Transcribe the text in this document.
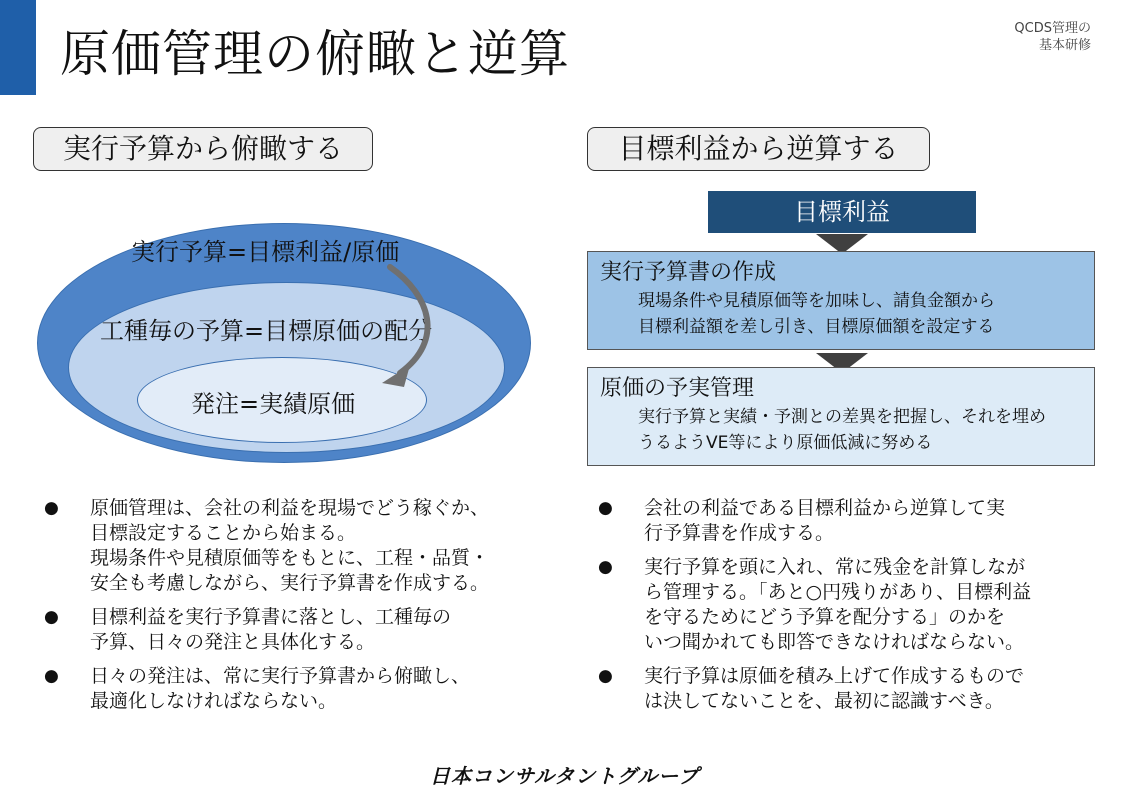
原価管理の俯瞰と逆算	QCDS管理の
基本研修
実行予算から俯瞰する
実行予算=目標利益/原価
工種毎の予算=目標原価の配分
発注=実績原価
● 原価管理は、会社の利益を現場でどう稼ぐか、
目標設定することから始まる。
現場条件や見積原価等をもとに、工程・品質・
安全も考慮しながら、実行予算書を作成する。
● 目標利益を実行予算書に落とし、工種毎の
予算、日々の発注と具体化する。
● 日々の発注は、常に実行予算書から俯瞰し、
最適化しなければならない。
目標利益から逆算する
目標利益
実行予算書の作成
現場条件や見積原価等を加味し、請負金額から
目標利益額を差し引き、目標原価額を設定する
原価の予実管理
実行予算と実績・予測との差異を把握し、それを埋め
うるようVE等により原価低減に努める
● 会社の利益である目標利益から逆算して実
行予算書を作成する。
● 実行予算を頭に入れ、常に残金を計算しなが
ら管理する。「あと○円残りがあり、目標利益
を守るためにどう予算を配分する」のかを
いつ聞かれても即答できなければならない。
● 実行予算は原価を積み上げて作成するもので
は決してないことを、最初に認識すべき。
日本コンサルタントグループ
